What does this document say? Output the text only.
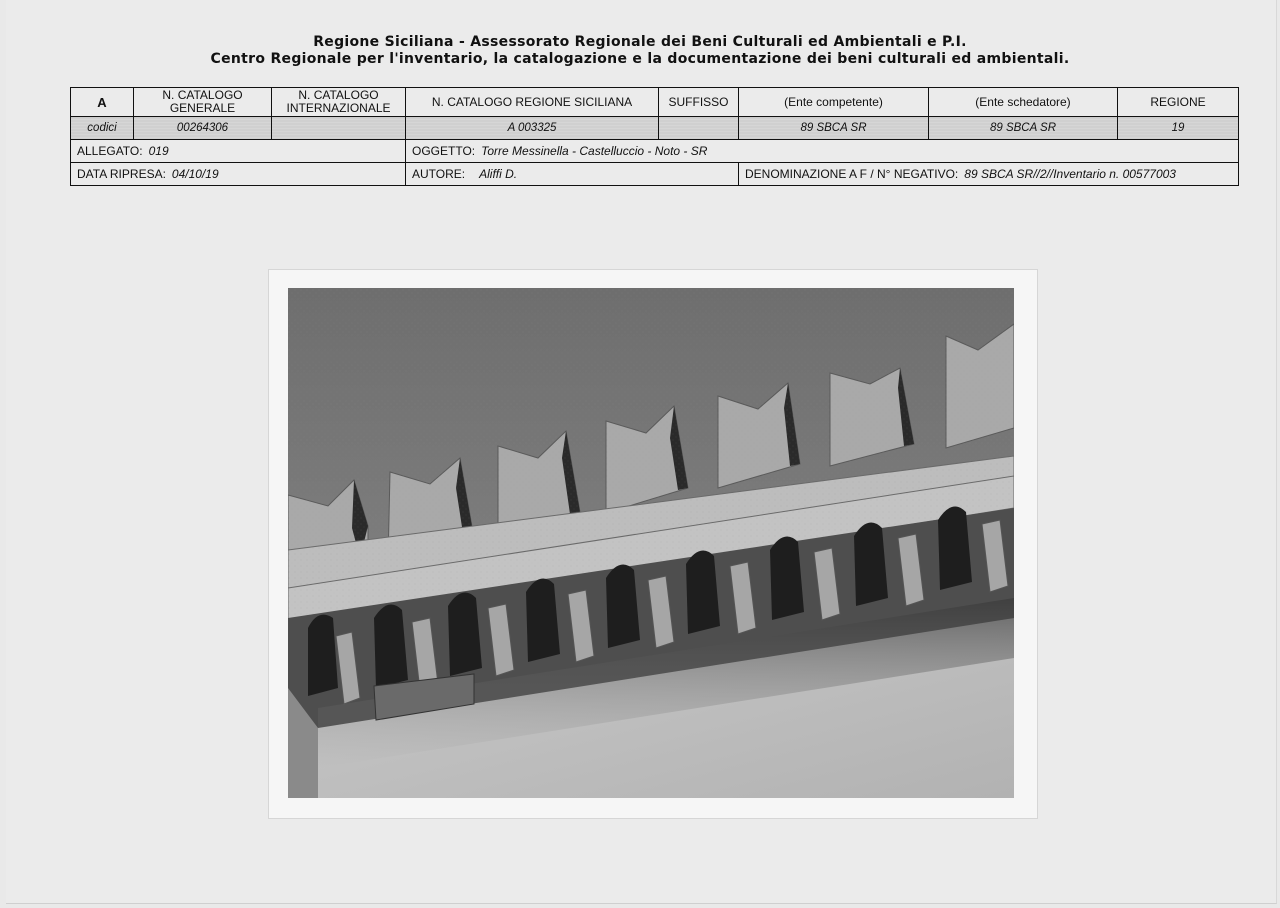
Regione Siciliana - Assessorato Regionale dei Beni Culturali ed Ambientali e P.I.
Centro Regionale per l'inventario, la catalogazione e la documentazione dei beni culturali ed ambientali.
A	N. CATALOGO GENERALE	N. CATALOGO INTERNAZIONALE	N. CATALOGO REGIONE SICILIANA	SUFFISSO	(Ente competente)	(Ente schedatore)	REGIONE
codici	00264306		A 003325		89 SBCA SR	89 SBCA SR	19
ALLEGATO: 019			OGGETTO: Torre Messinella - Castelluccio - Noto - SR				
DATA RIPRESA: 04/10/19			AUTORE: Aliffi D.		DENOMINAZIONE A F / N° NEGATIVO: 89 SBCA SR//2//Inventario n. 00577003		
